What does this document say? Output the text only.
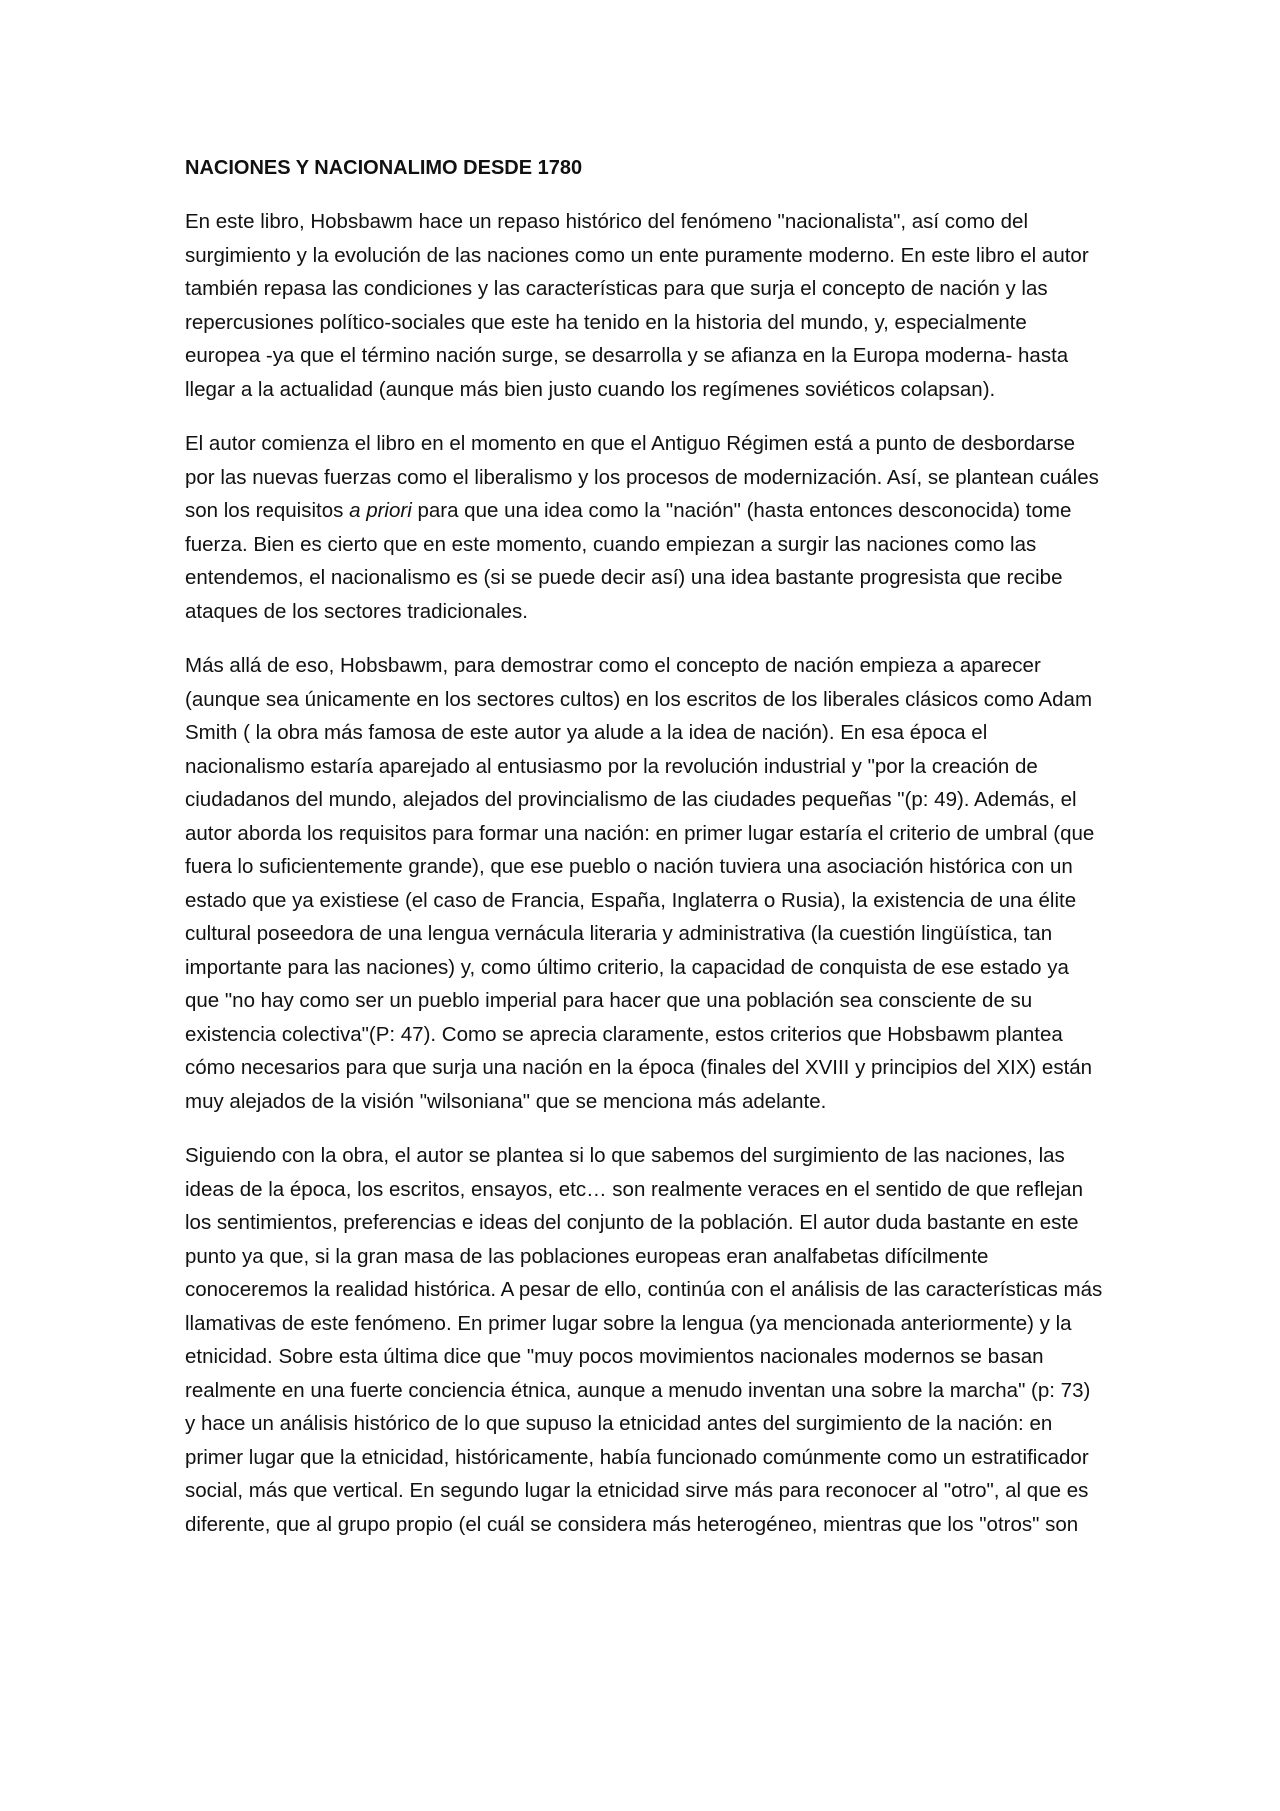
NACIONES Y NACIONALIMO DESDE 1780

En este libro, Hobsbawm hace un repaso histórico del fenómeno "nacionalista", así como del surgimiento y la evolución de las naciones como un ente puramente moderno. En este libro el autor también repasa las condiciones y las características para que surja el concepto de nación y las repercusiones político-sociales que este ha tenido en la historia del mundo, y, especialmente europea -ya que el término nación surge, se desarrolla y se afianza en la Europa moderna- hasta llegar a la actualidad (aunque más bien justo cuando los regímenes soviéticos colapsan).

El autor comienza el libro en el momento en que el Antiguo Régimen está a punto de desbordarse por las nuevas fuerzas como el liberalismo y los procesos de modernización. Así, se plantean cuáles son los requisitos a priori para que una idea como la "nación" (hasta entonces desconocida) tome fuerza. Bien es cierto que en este momento, cuando empiezan a surgir las naciones como las entendemos, el nacionalismo es (si se puede decir así) una idea bastante progresista que recibe ataques de los sectores tradicionales.

Más allá de eso, Hobsbawm, para demostrar como el concepto de nación empieza a aparecer (aunque sea únicamente en los sectores cultos) en los escritos de los liberales clásicos como Adam Smith ( la obra más famosa de este autor ya alude a la idea de nación). En esa época el nacionalismo estaría aparejado al entusiasmo por la revolución industrial y "por la creación de ciudadanos del mundo, alejados del provincialismo de las ciudades pequeñas "(p: 49). Además, el autor aborda los requisitos para formar una nación: en primer lugar estaría el criterio de umbral (que fuera lo suficientemente grande), que ese pueblo o nación tuviera una asociación histórica con un estado que ya existiese (el caso de Francia, España, Inglaterra o Rusia), la existencia de una élite cultural poseedora de una lengua vernácula literaria y administrativa (la cuestión lingüística, tan importante para las naciones) y, como último criterio, la capacidad de conquista de ese estado ya que "no hay como ser un pueblo imperial para hacer que una población sea consciente de su existencia colectiva"(P: 47). Como se aprecia claramente, estos criterios que Hobsbawm plantea cómo necesarios para que surja una nación en la época (finales del XVIII y principios del XIX) están muy alejados de la visión "wilsoniana" que se menciona más adelante.

Siguiendo con la obra, el autor se plantea si lo que sabemos del surgimiento de las naciones, las ideas de la época, los escritos, ensayos, etc… son realmente veraces en el sentido de que reflejan los sentimientos, preferencias e ideas del conjunto de la población. El autor duda bastante en este punto ya que, si la gran masa de las poblaciones europeas eran analfabetas difícilmente conoceremos la realidad histórica. A pesar de ello, continúa con el análisis de las características más llamativas de este fenómeno. En primer lugar sobre la lengua (ya mencionada anteriormente) y la etnicidad. Sobre esta última dice que "muy pocos movimientos nacionales modernos se basan realmente en una fuerte conciencia étnica, aunque a menudo inventan una sobre la marcha" (p: 73) y hace un análisis histórico de lo que supuso la etnicidad antes del surgimiento de la nación: en primer lugar que la etnicidad, históricamente, había funcionado comúnmente como un estratificador social, más que vertical. En segundo lugar la etnicidad sirve más para reconocer al "otro", al que es diferente, que al grupo propio (el cuál se considera más heterogéneo, mientras que los "otros" son
